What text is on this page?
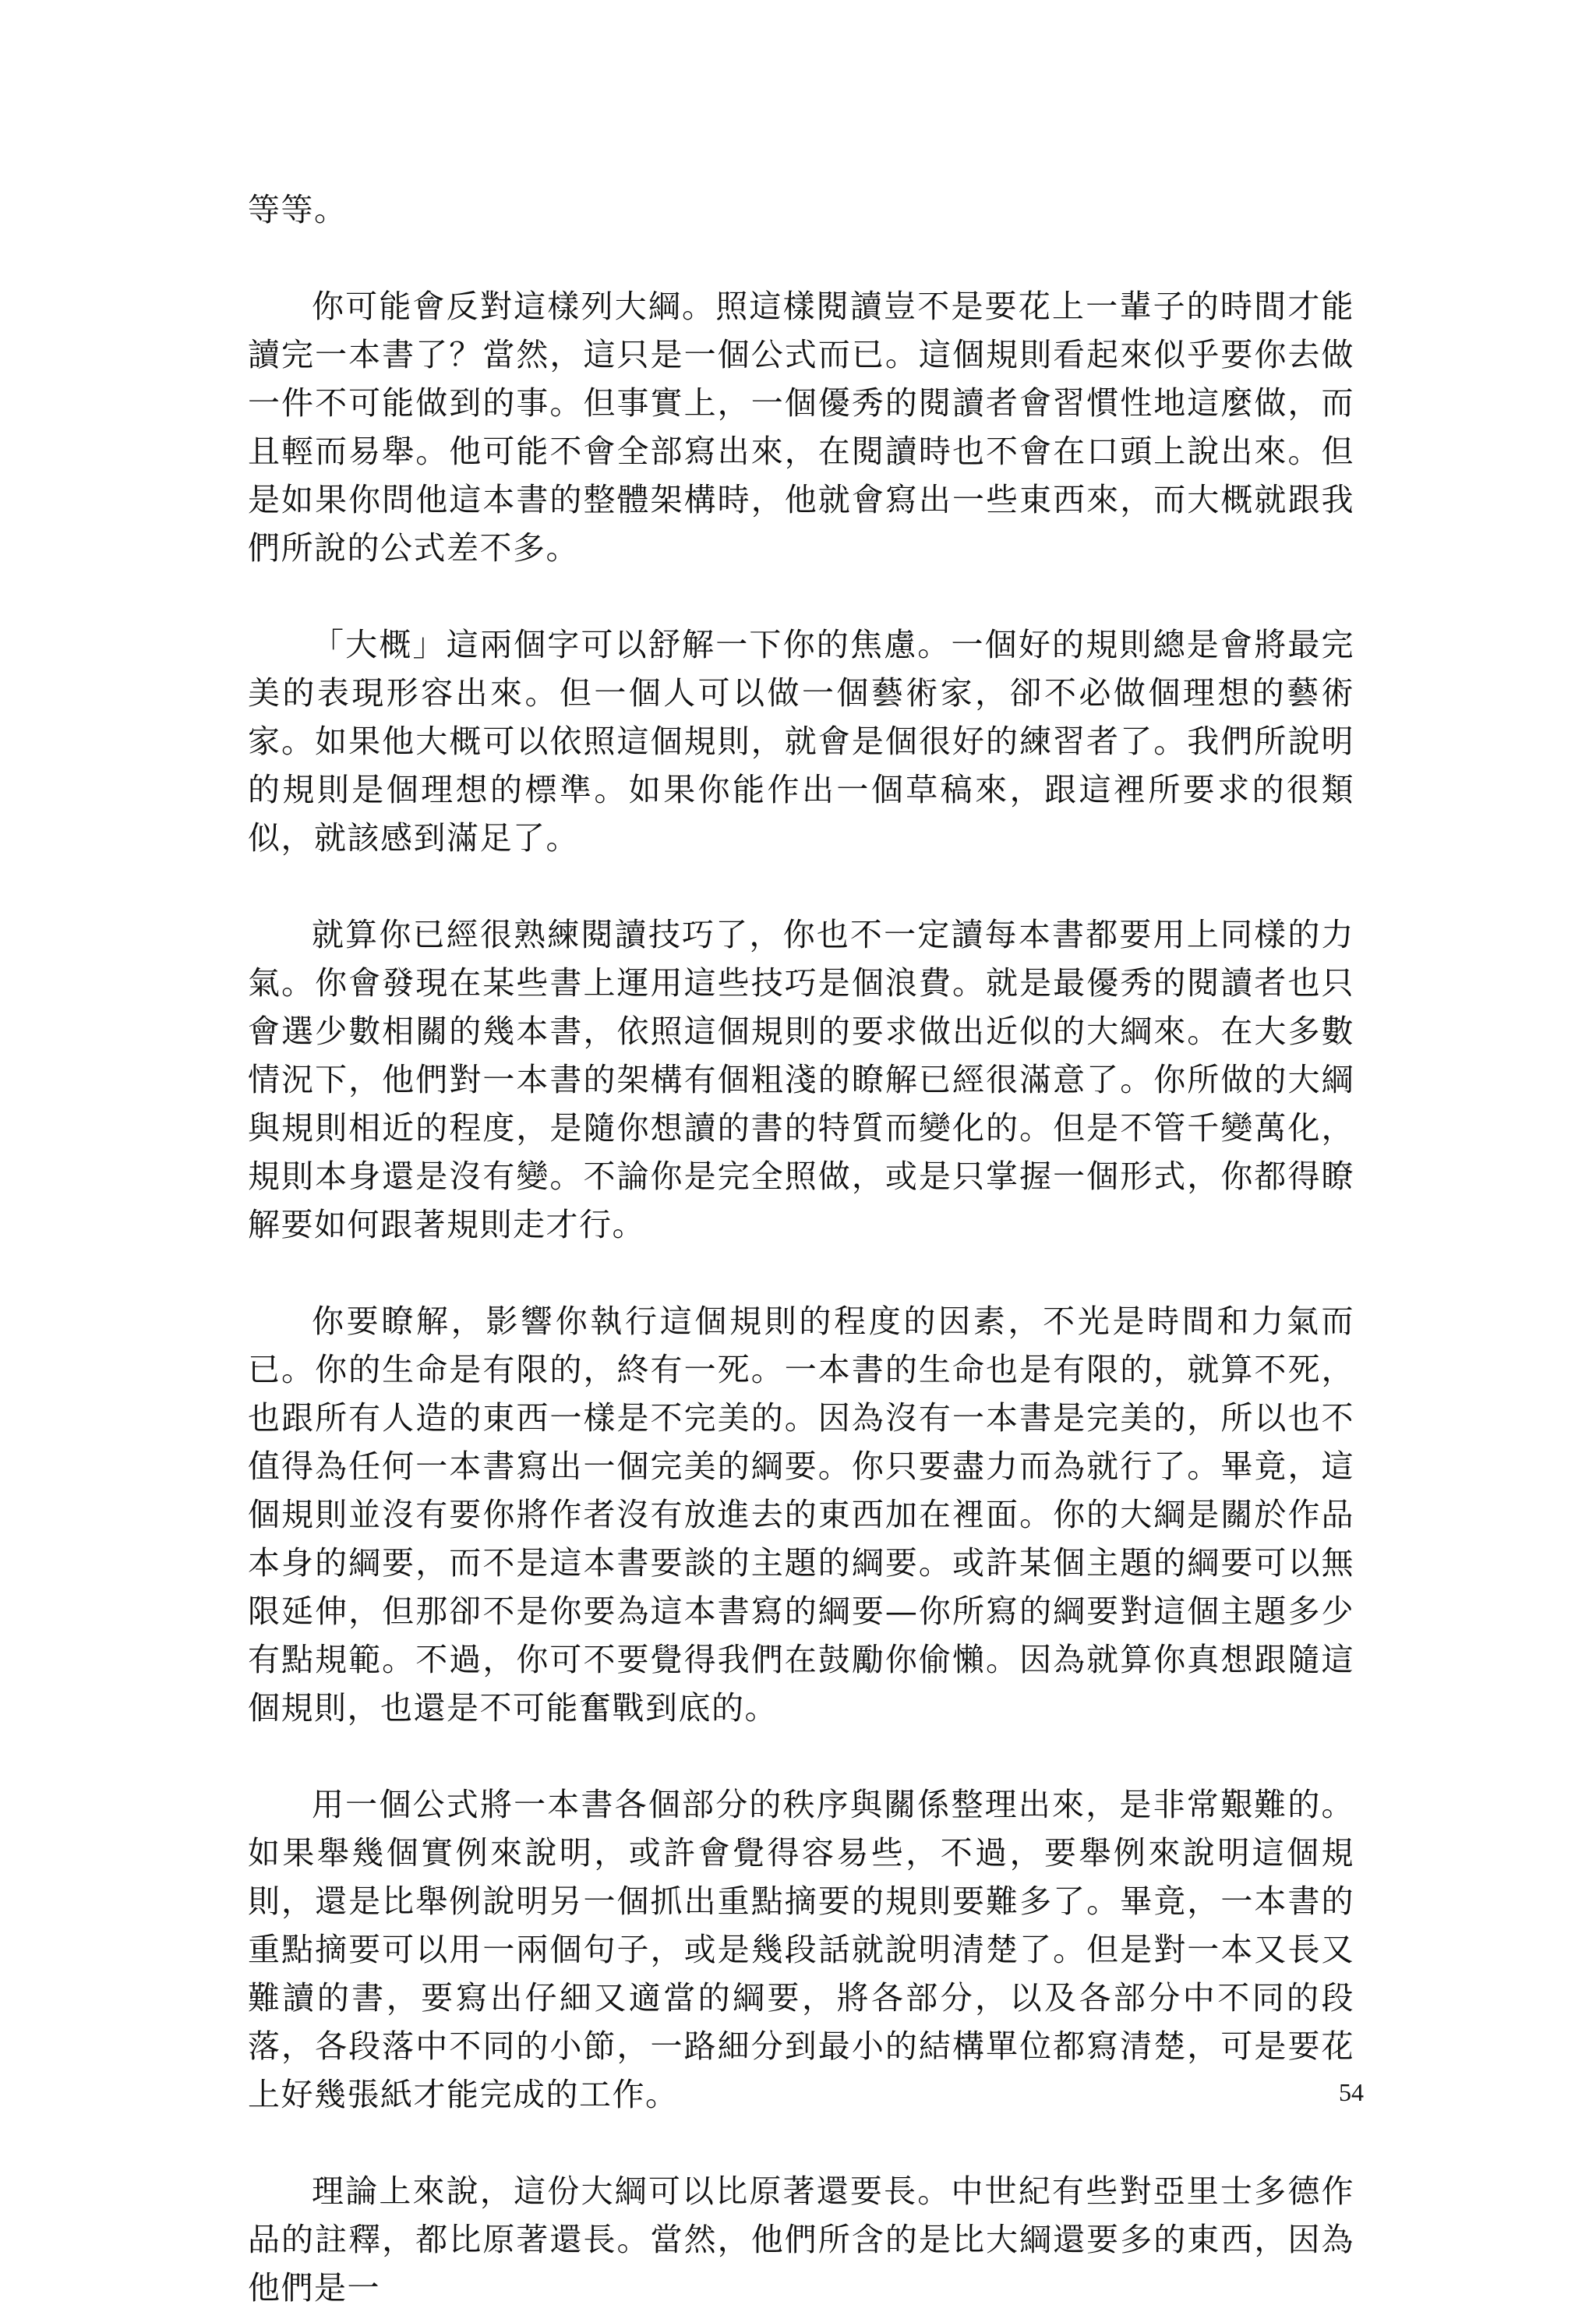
等等。

你可能會反對這樣列大綱。照這樣閱讀豈不是要花上一輩子的時間才能讀完一本書了？當然，這只是一個公式而已。這個規則看起來似乎要你去做一件不可能做到的事。但事實上，一個優秀的閱讀者會習慣性地這麼做，而且輕而易舉。他可能不會全部寫出來，在閱讀時也不會在口頭上說出來。但是如果你問他這本書的整體架構時，他就會寫出一些東西來，而大概就跟我們所說的公式差不多。

「大概」這兩個字可以舒解一下你的焦慮。一個好的規則總是會將最完美的表現形容出來。但一個人可以做一個藝術家，卻不必做個理想的藝術家。如果他大概可以依照這個規則，就會是個很好的練習者了。我們所說明的規則是個理想的標準。如果你能作出一個草稿來，跟這裡所要求的很類似，就該感到滿足了。

就算你已經很熟練閱讀技巧了，你也不一定讀每本書都要用上同樣的力氣。你會發現在某些書上運用這些技巧是個浪費。就是最優秀的閱讀者也只會選少數相關的幾本書，依照這個規則的要求做出近似的大綱來。在大多數情況下，他們對一本書的架構有個粗淺的瞭解已經很滿意了。你所做的大綱與規則相近的程度，是隨你想讀的書的特質而變化的。但是不管千變萬化，規則本身還是沒有變。不論你是完全照做，或是只掌握一個形式，你都得瞭解要如何跟著規則走才行。

你要瞭解，影響你執行這個規則的程度的因素，不光是時間和力氣而已。你的生命是有限的，終有一死。一本書的生命也是有限的，就算不死，也跟所有人造的東西一樣是不完美的。因為沒有一本書是完美的，所以也不值得為任何一本書寫出一個完美的綱要。你只要盡力而為就行了。畢竟，這個規則並沒有要你將作者沒有放進去的東西加在裡面。你的大綱是關於作品本身的綱要，而不是這本書要談的主題的綱要。或許某個主題的綱要可以無限延伸，但那卻不是你要為這本書寫的綱要—你所寫的綱要對這個主題多少有點規範。不過，你可不要覺得我們在鼓勵你偷懶。因為就算你真想跟隨這個規則，也還是不可能奮戰到底的。

用一個公式將一本書各個部分的秩序與關係整理出來，是非常艱難的。如果舉幾個實例來說明，或許會覺得容易些，不過，要舉例來說明這個規則，還是比舉例說明另一個抓出重點摘要的規則要難多了。畢竟，一本書的重點摘要可以用一兩個句子，或是幾段話就說明清楚了。但是對一本又長又難讀的書，要寫出仔細又適當的綱要，將各部分，以及各部分中不同的段落，各段落中不同的小節，一路細分到最小的結構單位都寫清楚，可是要花上好幾張紙才能完成的工作。

理論上來說，這份大綱可以比原著還要長。中世紀有些對亞里士多德作品的註釋，都比原著還長。當然，他們所含的是比大綱還要多的東西，因為他們是一

54
